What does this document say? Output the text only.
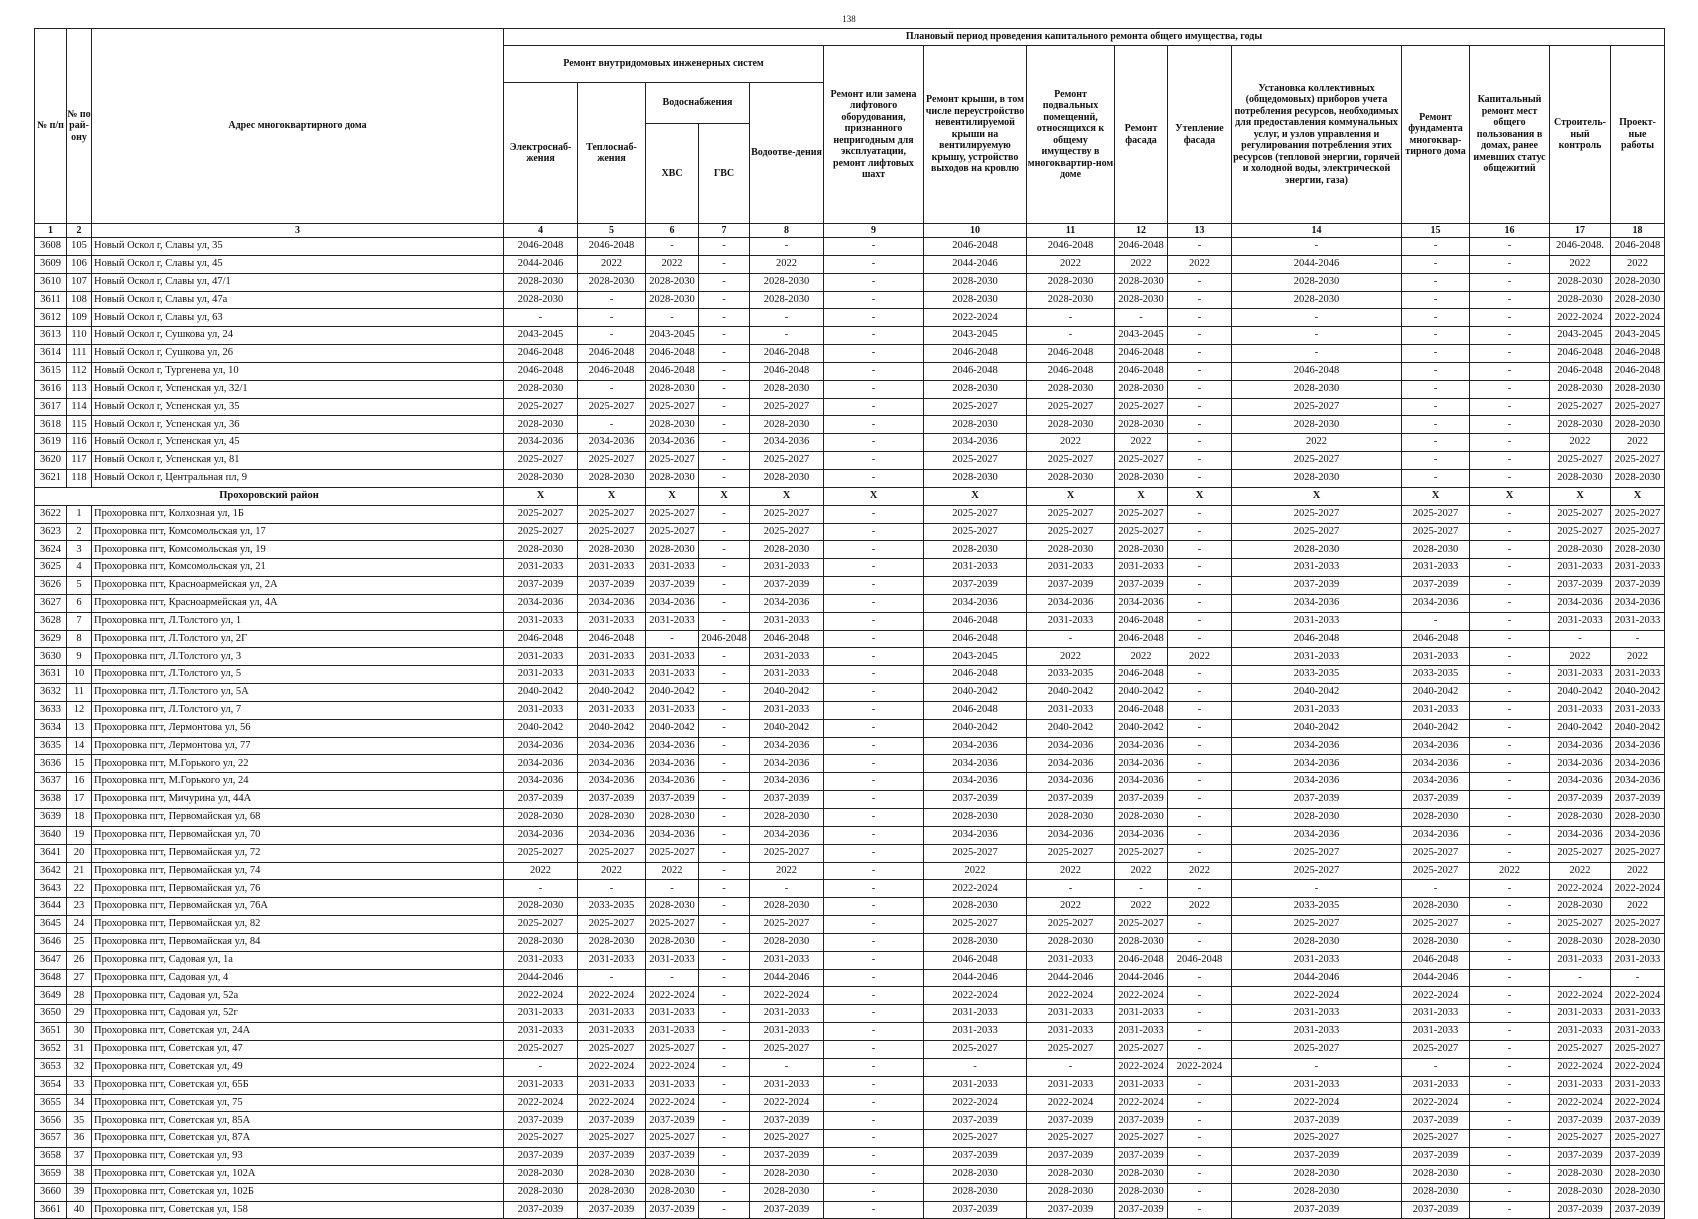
138
№ п/п	№ по рай-ону	Адрес многоквартирного дома	Плановый период проведения капитального ремонта общего имущества, годы														
			Ремонт внутридомовых инженерных систем					Ремонт или замена лифтового оборудования, признанного непригодным для эксплуатации, ремонт лифтовых шахт	Ремонт крыши, в том числе переустройство невентилируемой крыши на вентилируемую крышу, устройство выходов на кровлю	Ремонт подвальных помещений, относящихся к общему имуществу в многоквартир-ном доме	Ремонт фасада	Утепление фасада	Установка коллективных (общедомовых) приборов учета потребления ресурсов, необходимых для предоставления коммунальных услуг, и узлов управления и регулирования потребления этих ресурсов (тепловой энергии, горячей и холодной воды, электрической энергии, газа)	Ремонт фундамента многоквар-тирного дома	Капитальный ремонт мест общего пользования в домах, ранее имевших статус общежитий	Строитель-ный контроль	Проект-ные работы
			Электроснаб-жения	Теплоснаб-жения	Водоснабжения		Водоотве-дения										
					ХВС	ГВС											
1	2	3	4	5	6	7	8	9	10	11	12	13	14	15	16	17	18
3608	105	Новый Оскол г, Славы ул, 35	2046-2048	2046-2048	-	-	-	-	2046-2048	2046-2048	2046-2048	-	-	-	-	2046-2048.	2046-2048
3609	106	Новый Оскол г, Славы ул, 45	2044-2046	2022	2022	-	2022	-	2044-2046	2022	2022	2022	2044-2046	-	-	2022	2022
3610	107	Новый Оскол г, Славы ул, 47/1	2028-2030	2028-2030	2028-2030	-	2028-2030	-	2028-2030	2028-2030	2028-2030	-	2028-2030	-	-	2028-2030	2028-2030
3611	108	Новый Оскол г, Славы ул, 47а	2028-2030	-	2028-2030	-	2028-2030	-	2028-2030	2028-2030	2028-2030	-	2028-2030	-	-	2028-2030	2028-2030
3612	109	Новый Оскол г, Славы ул, 63	-	-	-	-	-	-	2022-2024	-	-	-	-	-	-	2022-2024	2022-2024
3613	110	Новый Оскол г, Сушкова ул, 24	2043-2045	-	2043-2045	-	-	-	2043-2045	-	2043-2045	-	-	-	-	2043-2045	2043-2045
3614	111	Новый Оскол г, Сушкова ул, 26	2046-2048	2046-2048	2046-2048	-	2046-2048	-	2046-2048	2046-2048	2046-2048	-	-	-	-	2046-2048	2046-2048
3615	112	Новый Оскол г, Тургенева ул, 10	2046-2048	2046-2048	2046-2048	-	2046-2048	-	2046-2048	2046-2048	2046-2048	-	2046-2048	-	-	2046-2048	2046-2048
3616	113	Новый Оскол г, Успенская ул, 32/1	2028-2030	-	2028-2030	-	2028-2030	-	2028-2030	2028-2030	2028-2030	-	2028-2030	-	-	2028-2030	2028-2030
3617	114	Новый Оскол г, Успенская ул, 35	2025-2027	2025-2027	2025-2027	-	2025-2027	-	2025-2027	2025-2027	2025-2027	-	2025-2027	-	-	2025-2027	2025-2027
3618	115	Новый Оскол г, Успенская ул, 36	2028-2030	-	2028-2030	-	2028-2030	-	2028-2030	2028-2030	2028-2030	-	2028-2030	-	-	2028-2030	2028-2030
3619	116	Новый Оскол г, Успенская ул, 45	2034-2036	2034-2036	2034-2036	-	2034-2036	-	2034-2036	2022	2022	-	2022	-	-	2022	2022
3620	117	Новый Оскол г, Успенская ул, 81	2025-2027	2025-2027	2025-2027	-	2025-2027	-	2025-2027	2025-2027	2025-2027	-	2025-2027	-	-	2025-2027	2025-2027
3621	118	Новый Оскол г, Центральная пл, 9	2028-2030	2028-2030	2028-2030	-	2028-2030	-	2028-2030	2028-2030	2028-2030	-	2028-2030	-	-	2028-2030	2028-2030
Прохоровский район			X	X	X	X	X	X	X	X	X	X	X	X	X	X	X
3622	1	Прохоровка пгт, Колхозная ул, 1Б	2025-2027	2025-2027	2025-2027	-	2025-2027	-	2025-2027	2025-2027	2025-2027	-	2025-2027	2025-2027	-	2025-2027	2025-2027
3623	2	Прохоровка пгт, Комсомольская ул, 17	2025-2027	2025-2027	2025-2027	-	2025-2027	-	2025-2027	2025-2027	2025-2027	-	2025-2027	2025-2027	-	2025-2027	2025-2027
3624	3	Прохоровка пгт, Комсомольская ул, 19	2028-2030	2028-2030	2028-2030	-	2028-2030	-	2028-2030	2028-2030	2028-2030	-	2028-2030	2028-2030	-	2028-2030	2028-2030
3625	4	Прохоровка пгт, Комсомольская ул, 21	2031-2033	2031-2033	2031-2033	-	2031-2033	-	2031-2033	2031-2033	2031-2033	-	2031-2033	2031-2033	-	2031-2033	2031-2033
3626	5	Прохоровка пгт, Красноармейская ул, 2А	2037-2039	2037-2039	2037-2039	-	2037-2039	-	2037-2039	2037-2039	2037-2039	-	2037-2039	2037-2039	-	2037-2039	2037-2039
3627	6	Прохоровка пгт, Красноармейская ул, 4А	2034-2036	2034-2036	2034-2036	-	2034-2036	-	2034-2036	2034-2036	2034-2036	-	2034-2036	2034-2036	-	2034-2036	2034-2036
3628	7	Прохоровка пгт, Л.Толстого ул, 1	2031-2033	2031-2033	2031-2033	-	2031-2033	-	2046-2048	2031-2033	2046-2048	-	2031-2033	-	-	2031-2033	2031-2033
3629	8	Прохоровка пгт, Л.Толстого ул, 2Г	2046-2048	2046-2048	-	2046-2048	2046-2048	-	2046-2048	-	2046-2048	-	2046-2048	2046-2048	-	-	-
3630	9	Прохоровка пгт, Л.Толстого ул, 3	2031-2033	2031-2033	2031-2033	-	2031-2033	-	2043-2045	2022	2022	2022	2031-2033	2031-2033	-	2022	2022
3631	10	Прохоровка пгт, Л.Толстого ул, 5	2031-2033	2031-2033	2031-2033	-	2031-2033	-	2046-2048	2033-2035	2046-2048	-	2033-2035	2033-2035	-	2031-2033	2031-2033
3632	11	Прохоровка пгт, Л.Толстого ул, 5А	2040-2042	2040-2042	2040-2042	-	2040-2042	-	2040-2042	2040-2042	2040-2042	-	2040-2042	2040-2042	-	2040-2042	2040-2042
3633	12	Прохоровка пгт, Л.Толстого ул, 7	2031-2033	2031-2033	2031-2033	-	2031-2033	-	2046-2048	2031-2033	2046-2048	-	2031-2033	2031-2033	-	2031-2033	2031-2033
3634	13	Прохоровка пгт, Лермонтова ул, 56	2040-2042	2040-2042	2040-2042	-	2040-2042	-	2040-2042	2040-2042	2040-2042	-	2040-2042	2040-2042	-	2040-2042	2040-2042
3635	14	Прохоровка пгт, Лермонтова ул, 77	2034-2036	2034-2036	2034-2036	-	2034-2036	-	2034-2036	2034-2036	2034-2036	-	2034-2036	2034-2036	-	2034-2036	2034-2036
3636	15	Прохоровка пгт, М.Горького ул, 22	2034-2036	2034-2036	2034-2036	-	2034-2036	-	2034-2036	2034-2036	2034-2036	-	2034-2036	2034-2036	-	2034-2036	2034-2036
3637	16	Прохоровка пгт, М.Горького ул, 24	2034-2036	2034-2036	2034-2036	-	2034-2036	-	2034-2036	2034-2036	2034-2036	-	2034-2036	2034-2036	-	2034-2036	2034-2036
3638	17	Прохоровка пгт, Мичурина ул, 44А	2037-2039	2037-2039	2037-2039	-	2037-2039	-	2037-2039	2037-2039	2037-2039	-	2037-2039	2037-2039	-	2037-2039	2037-2039
3639	18	Прохоровка пгт, Первомайская ул, 68	2028-2030	2028-2030	2028-2030	-	2028-2030	-	2028-2030	2028-2030	2028-2030	-	2028-2030	2028-2030	-	2028-2030	2028-2030
3640	19	Прохоровка пгт, Первомайская ул, 70	2034-2036	2034-2036	2034-2036	-	2034-2036	-	2034-2036	2034-2036	2034-2036	-	2034-2036	2034-2036	-	2034-2036	2034-2036
3641	20	Прохоровка пгт, Первомайская ул, 72	2025-2027	2025-2027	2025-2027	-	2025-2027	-	2025-2027	2025-2027	2025-2027	-	2025-2027	2025-2027	-	2025-2027	2025-2027
3642	21	Прохоровка пгт, Первомайская ул, 74	2022	2022	2022	-	2022	-	2022	2022	2022	2022	2025-2027	2025-2027	2022	2022	2022
3643	22	Прохоровка пгт, Первомайская ул, 76	-	-	-	-	-	-	2022-2024	-	-	-	-	-	-	2022-2024	2022-2024
3644	23	Прохоровка пгт, Первомайская ул, 76А	2028-2030	2033-2035	2028-2030	-	2028-2030	-	2028-2030	2022	2022	2022	2033-2035	2028-2030	-	2028-2030	2022
3645	24	Прохоровка пгт, Первомайская ул, 82	2025-2027	2025-2027	2025-2027	-	2025-2027	-	2025-2027	2025-2027	2025-2027	-	2025-2027	2025-2027	-	2025-2027	2025-2027
3646	25	Прохоровка пгт, Первомайская ул, 84	2028-2030	2028-2030	2028-2030	-	2028-2030	-	2028-2030	2028-2030	2028-2030	-	2028-2030	2028-2030	-	2028-2030	2028-2030
3647	26	Прохоровка пгт, Садовая ул, 1а	2031-2033	2031-2033	2031-2033	-	2031-2033	-	2046-2048	2031-2033	2046-2048	2046-2048	2031-2033	2046-2048	-	2031-2033	2031-2033
3648	27	Прохоровка пгт, Садовая ул, 4	2044-2046	-	-	-	2044-2046	-	2044-2046	2044-2046	2044-2046	-	2044-2046	2044-2046	-	-	-
3649	28	Прохоровка пгт, Садовая ул, 52а	2022-2024	2022-2024	2022-2024	-	2022-2024	-	2022-2024	2022-2024	2022-2024	-	2022-2024	2022-2024	-	2022-2024	2022-2024
3650	29	Прохоровка пгт, Садовая ул, 52г	2031-2033	2031-2033	2031-2033	-	2031-2033	-	2031-2033	2031-2033	2031-2033	-	2031-2033	2031-2033	-	2031-2033	2031-2033
3651	30	Прохоровка пгт, Советская ул, 24А	2031-2033	2031-2033	2031-2033	-	2031-2033	-	2031-2033	2031-2033	2031-2033	-	2031-2033	2031-2033	-	2031-2033	2031-2033
3652	31	Прохоровка пгт, Советская ул, 47	2025-2027	2025-2027	2025-2027	-	2025-2027	-	2025-2027	2025-2027	2025-2027	-	2025-2027	2025-2027	-	2025-2027	2025-2027
3653	32	Прохоровка пгт, Советская ул, 49	-	2022-2024	2022-2024	-	-	-	-	-	2022-2024	2022-2024	-	-	-	2022-2024	2022-2024
3654	33	Прохоровка пгт, Советская ул, 65Б	2031-2033	2031-2033	2031-2033	-	2031-2033	-	2031-2033	2031-2033	2031-2033	-	2031-2033	2031-2033	-	2031-2033	2031-2033
3655	34	Прохоровка пгт, Советская ул, 75	2022-2024	2022-2024	2022-2024	-	2022-2024	-	2022-2024	2022-2024	2022-2024	-	2022-2024	2022-2024	-	2022-2024	2022-2024
3656	35	Прохоровка пгт, Советская ул, 85А	2037-2039	2037-2039	2037-2039	-	2037-2039	-	2037-2039	2037-2039	2037-2039	-	2037-2039	2037-2039	-	2037-2039	2037-2039
3657	36	Прохоровка пгт, Советская ул, 87А	2025-2027	2025-2027	2025-2027	-	2025-2027	-	2025-2027	2025-2027	2025-2027	-	2025-2027	2025-2027	-	2025-2027	2025-2027
3658	37	Прохоровка пгт, Советская ул, 93	2037-2039	2037-2039	2037-2039	-	2037-2039	-	2037-2039	2037-2039	2037-2039	-	2037-2039	2037-2039	-	2037-2039	2037-2039
3659	38	Прохоровка пгт, Советская ул, 102А	2028-2030	2028-2030	2028-2030	-	2028-2030	-	2028-2030	2028-2030	2028-2030	-	2028-2030	2028-2030	-	2028-2030	2028-2030
3660	39	Прохоровка пгт, Советская ул, 102Б	2028-2030	2028-2030	2028-2030	-	2028-2030	-	2028-2030	2028-2030	2028-2030	-	2028-2030	2028-2030	-	2028-2030	2028-2030
3661	40	Прохоровка пгт, Советская ул, 158	2037-2039	2037-2039	2037-2039	-	2037-2039	-	2037-2039	2037-2039	2037-2039	-	2037-2039	2037-2039	-	2037-2039	2037-2039
